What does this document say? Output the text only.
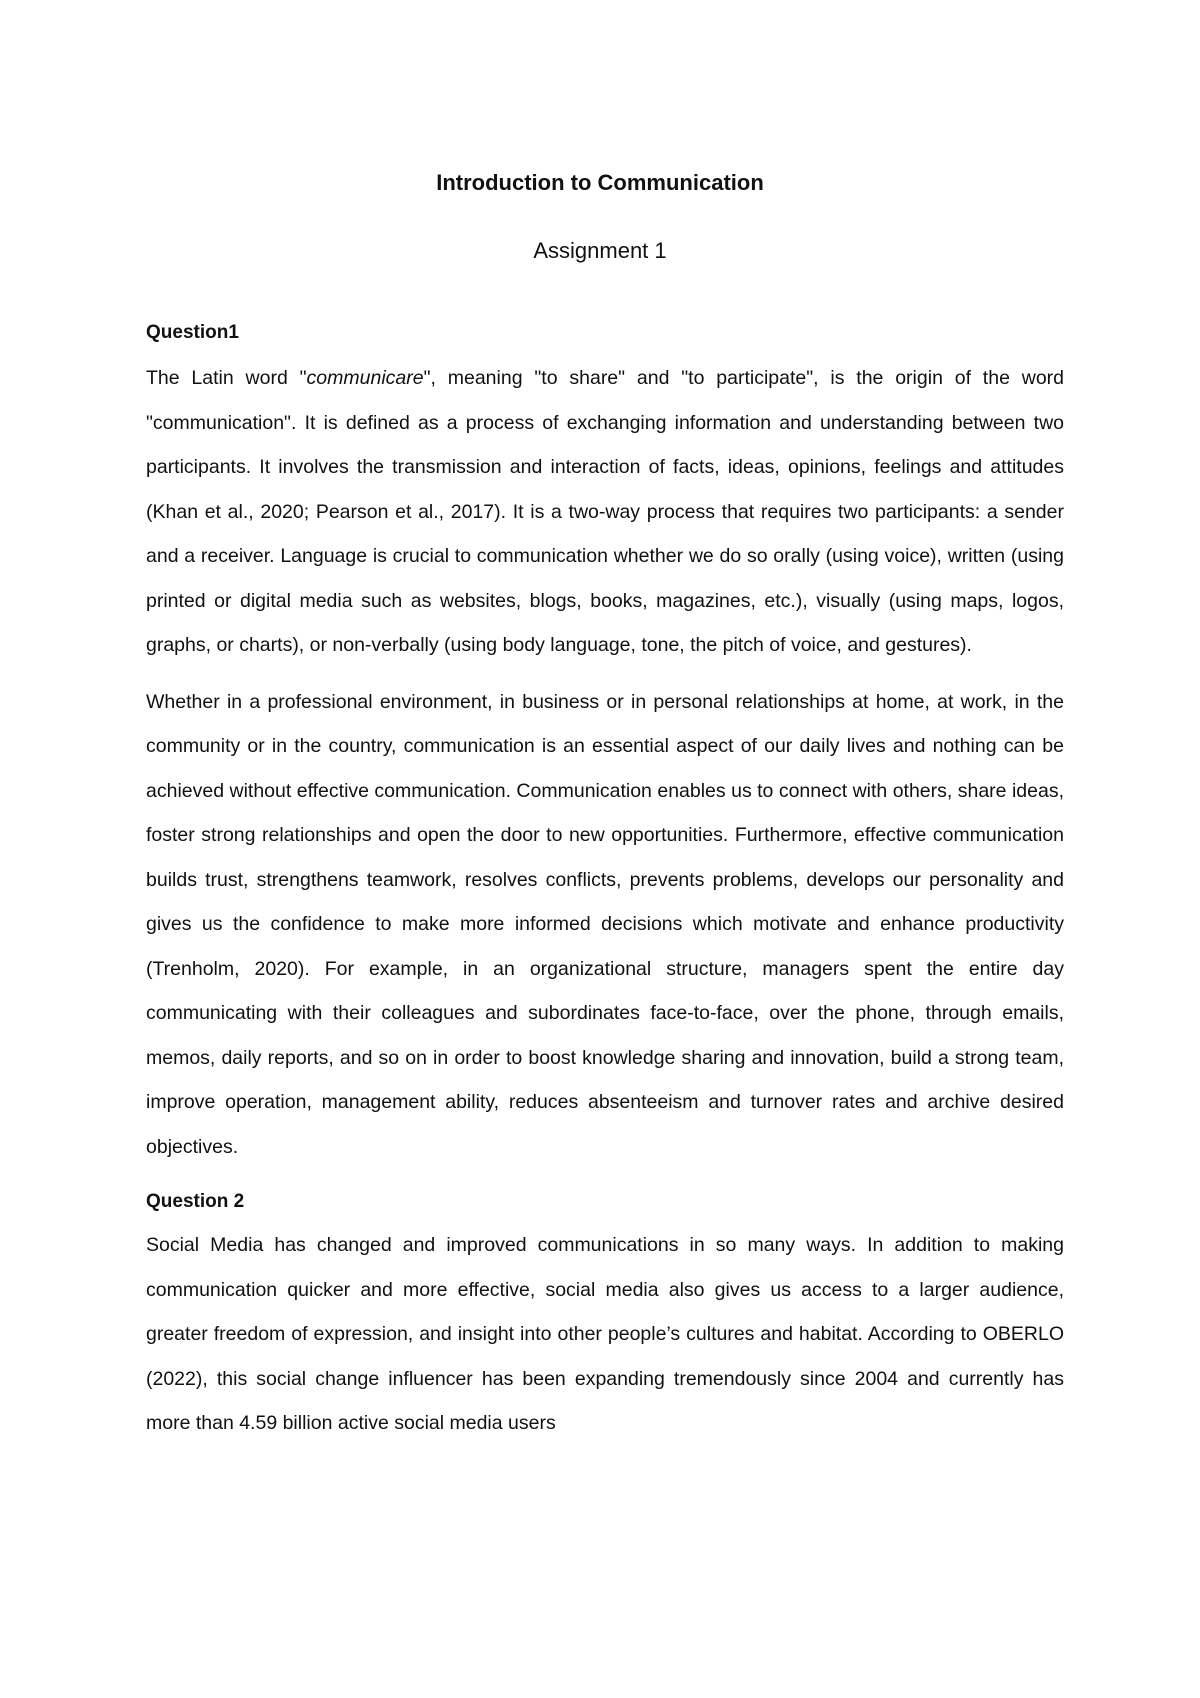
Introduction to Communication
Assignment 1
Question1

The Latin word "communicare", meaning "to share" and "to participate", is the origin of the word "communication". It is defined as a process of exchanging information and understanding between two participants. It involves the transmission and interaction of facts, ideas, opinions, feelings and attitudes (Khan et al., 2020; Pearson et al., 2017). It is a two-way process that requires two participants: a sender and a receiver. Language is crucial to communication whether we do so orally (using voice), written (using printed or digital media such as websites, blogs, books, magazines, etc.), visually (using maps, logos, graphs, or charts), or non-verbally (using body language, tone, the pitch of voice, and gestures).

Whether in a professional environment, in business or in personal relationships at home, at work, in the community or in the country, communication is an essential aspect of our daily lives and nothing can be achieved without effective communication. Communication enables us to connect with others, share ideas, foster strong relationships and open the door to new opportunities. Furthermore, effective communication builds trust, strengthens teamwork, resolves conflicts, prevents problems, develops our personality and gives us the confidence to make more informed decisions which motivate and enhance productivity (Trenholm, 2020). For example, in an organizational structure, managers spent the entire day communicating with their colleagues and subordinates face-to-face, over the phone, through emails, memos, daily reports, and so on in order to boost knowledge sharing and innovation, build a strong team, improve operation, management ability, reduces absenteeism and turnover rates and archive desired objectives.

Question 2

Social Media has changed and improved communications in so many ways. In addition to making communication quicker and more effective, social media also gives us access to a larger audience, greater freedom of expression, and insight into other people’s cultures and habitat. According to OBERLO (2022), this social change influencer has been expanding tremendously since 2004 and currently has more than 4.59 billion active social media users
